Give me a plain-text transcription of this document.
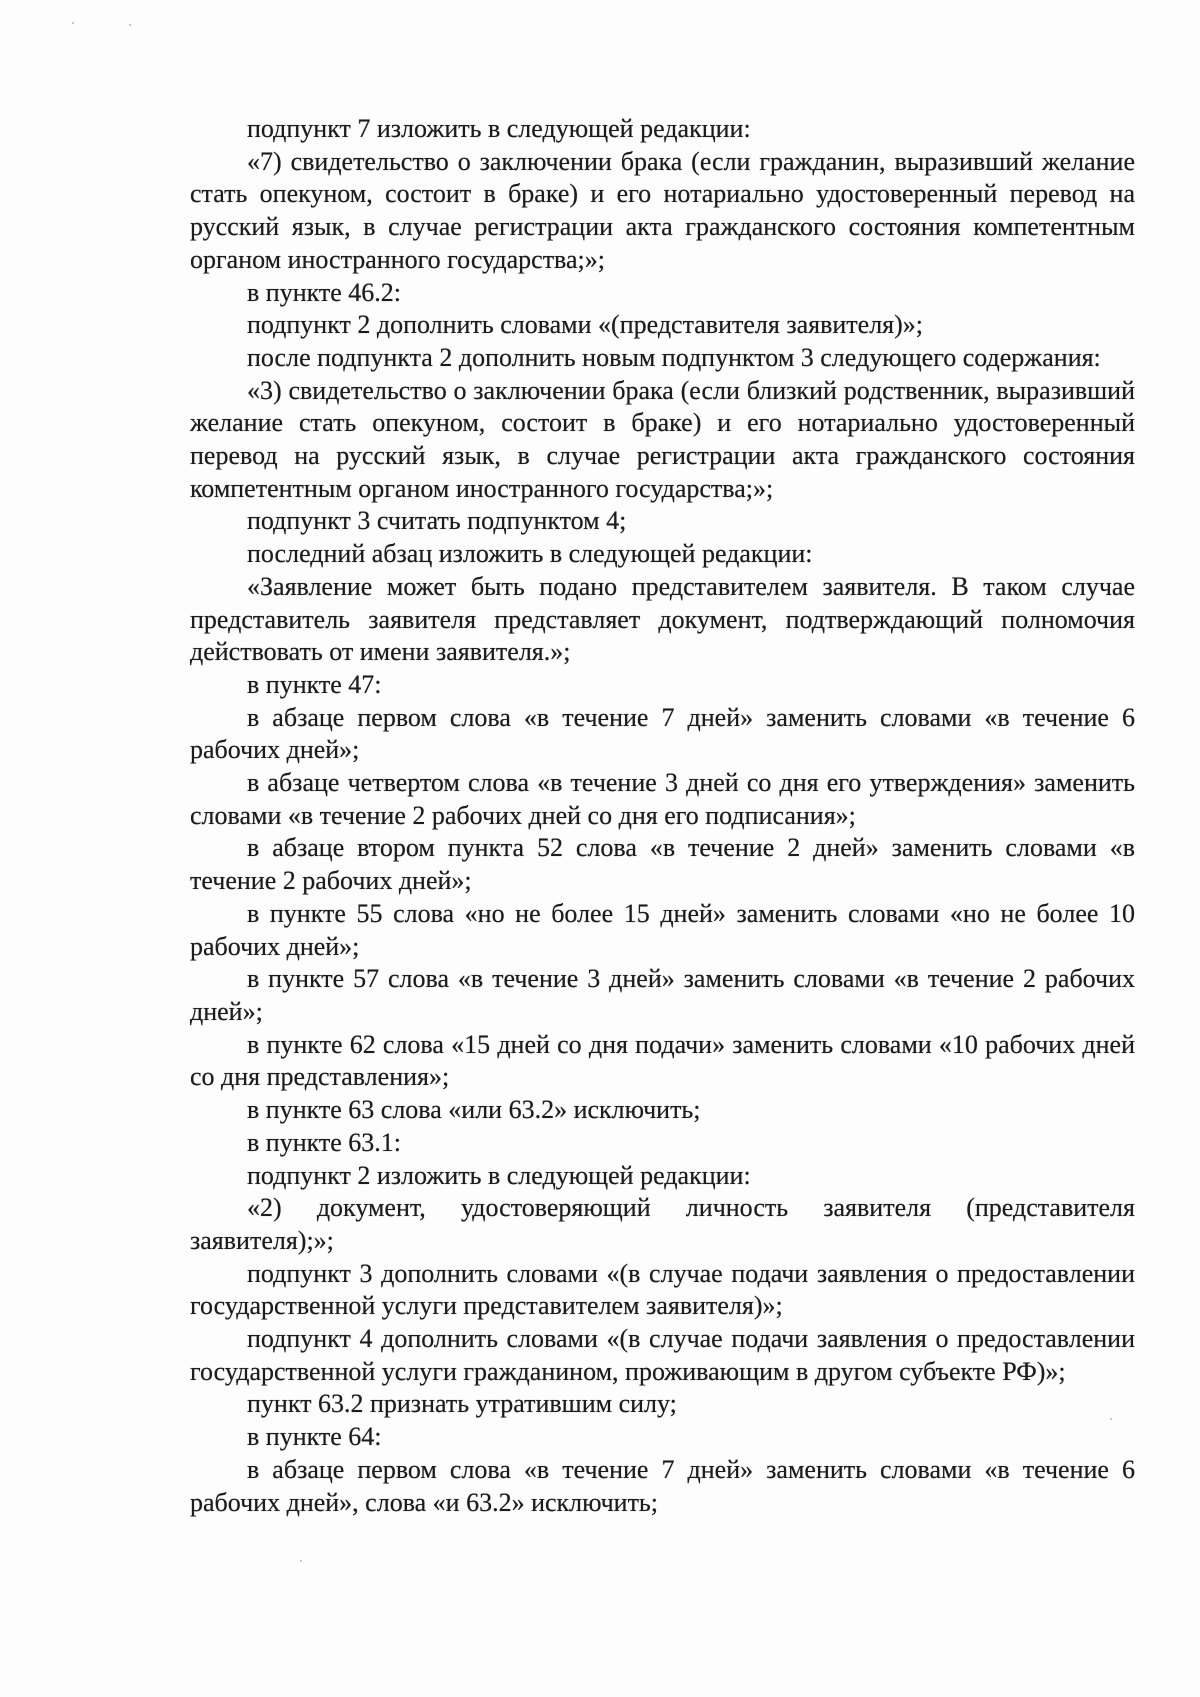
подпункт 7 изложить в следующей редакции:

«7) свидетельство о заключении брака (если гражданин, выразивший желание стать опекуном, состоит в браке) и его нотариально удостоверенный перевод на русский язык, в случае регистрации акта гражданского состояния компетентным органом иностранного государства;»;

в пункте 46.2:

подпункт 2 дополнить словами «(представителя заявителя)»;

после подпункта 2 дополнить новым подпунктом 3 следующего содержания:

«3) свидетельство о заключении брака (если близкий родственник, выразивший желание стать опекуном, состоит в браке) и его нотариально удостоверенный перевод на русский язык, в случае регистрации акта гражданского состояния компетентным органом иностранного государства;»;

подпункт 3 считать подпунктом 4;

последний абзац изложить в следующей редакции:

«Заявление может быть подано представителем заявителя. В таком случае представитель заявителя представляет документ, подтверждающий полномочия действовать от имени заявителя.»;

в пункте 47:

в абзаце первом слова «в течение 7 дней» заменить словами «в течение 6 рабочих дней»;

в абзаце четвертом слова «в течение 3 дней со дня его утверждения» заменить словами «в течение 2 рабочих дней со дня его подписания»;

в абзаце втором пункта 52 слова «в течение 2 дней» заменить словами «в течение 2 рабочих дней»;

в пункте 55 слова «но не более 15 дней» заменить словами «но не более 10 рабочих дней»;

в пункте 57 слова «в течение 3 дней» заменить словами «в течение 2 рабочих дней»;

в пункте 62 слова «15 дней со дня подачи» заменить словами «10 рабочих дней со дня представления»;

в пункте 63 слова «или 63.2» исключить;

в пункте 63.1:

подпункт 2 изложить в следующей редакции:

«2) документ, удостоверяющий личность заявителя (представителя заявителя);»;

подпункт 3 дополнить словами «(в случае подачи заявления о предоставлении государственной услуги представителем заявителя)»;

подпункт 4 дополнить словами «(в случае подачи заявления о предоставлении государственной услуги гражданином, проживающим в другом субъекте РФ)»;

пункт 63.2 признать утратившим силу;

в пункте 64:

в абзаце первом слова «в течение 7 дней» заменить словами «в течение 6 рабочих дней», слова «и 63.2» исключить;
